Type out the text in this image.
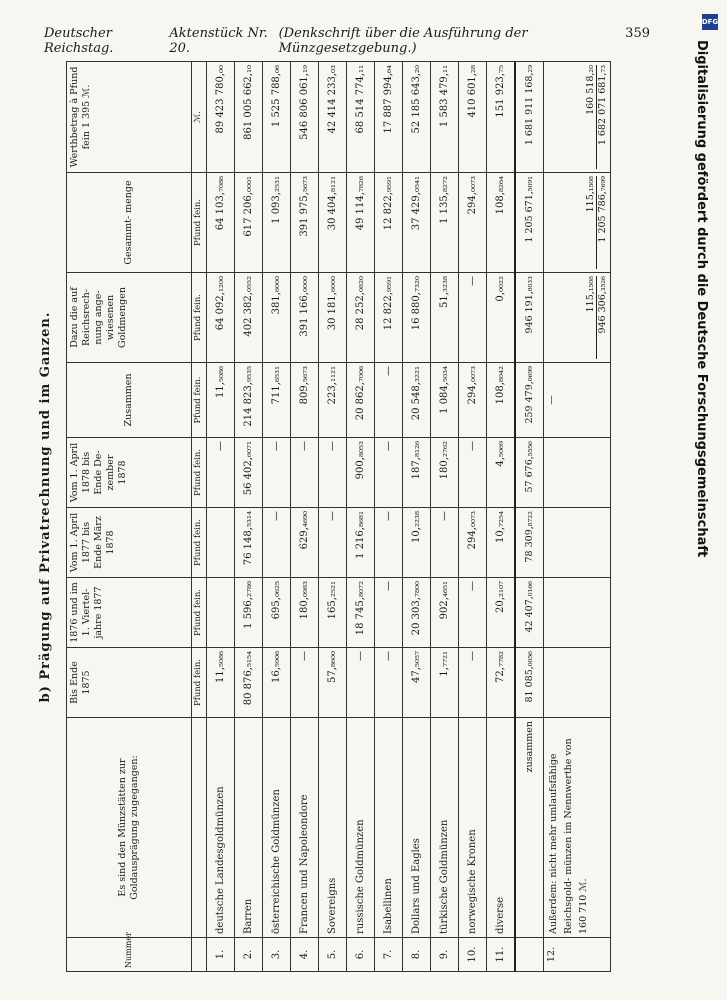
DFG
Deutscher Reichstag.
Aktenstück Nr. 20.
(Denkschrift über die Ausführung der Münzgesetzgebung.)
359
Digitalisierung gefördert durch die Deutsche Forschungsgemeinschaft
b) Prägung auf Privatrechnung und im Ganzen.
Nummer	Es sind den Münzstätten zur Goldausprägung zugegangen:	Bis Ende 1875	1876 und im 1. Viertel- jahre 1877	Vom 1. April 1877 bis Ende März 1878	Vom 1. April 1878 bis Ende De- zember 1878	Zusammen	Dazu die auf Reichsrech- nung ange- wiesenen Goldmengen	Gesammt- menge	Werthbetrag à Pfund fein 1 395 ℳ.
		Pfund fein.	Pfund fein.	Pfund fein.	Pfund fein.	Pfund fein.	Pfund fein.	Pfund fein.	ℳ.
1.	deutsche Landesgoldmünzen	11,₅₀₈₆			—	11,₅₀₈₆	64 092,₁₂₀₀	64 103,₇₀₈₆	89 423 780,₀₀
2.	Barren	80 876,₅₁₅₄	1 596,₂₇₈₆	76 148,₅₃₁₄	56 402,₆₀₇₁	214 823,₉₅₃₅	402 382,₀₅₅₂	617 206,₀₀₀₁	861 005 662,₁₀
3.	österreichische Goldmünzen	16,₅₉₀₆	695,₀₆₂₅	—	—	711,₆₅₃₁	381,₆₀₀₀	1 093,₂₅₃₁	1 525 788,₀₆
4.	Francen und Napoleondore	—	180,₀₉₈₃	629,₄₆₉₀	—	809,₅₆₇₃	391 166,₀₀₀₀	391 975,₅₆₇₃	546 806 061,₁₉
5.	Sovereigns	57,₈₆₀₀	165,₂₅₂₁	—	—	223,₁₁₂₁	30 181,₆₀₀₀	30 404,₈₁₂₁	42 414 233,₀₃
6.	russische Goldmünzen	—	18 745,₈₀₇₂	1 216,₈₆₈₁	900,₈₀₅₃	20 862,₇₀₀₆	28 252,₀₈₂₀	49 114,₇₈₂₆	68 514 774,₁₁
7.	Isabellinen	—	—	—	—	—	12 822,₉₅₉₁	12 822,₉₅₉₁	17 887 994,₆₄
8.	Dollars und Eagles	47,₅₀₅₇	20 303,₇₈₀₀	10,₂₂₃₈	187,₈₁₂₆	20 548,₃₂₂₁	16 880,₇₃₂₀	37 429,₀₅₄₁	52 185 643,₂₀
9.	türkische Goldmünzen	1,₇₇₂₁	902,₄₆₅₁	—	180,₂₇₆₂	1 084,₅₀₃₄	51,₃₂₃₈	1 135,₈₂₇₂	1 583 479,₁₁
10.	norwegische Kronen	—	—	294,₀₀₇₃	—	294,₀₀₇₃	—	294,₀₀₇₃	410 601,₂₈
11.	diverse	72,₇₇₈₂	20,₂₁₀₇	10,₇₂₅₄	4,₅₀₆₉	108,₈₀₄₂	0,₀₀₂₂	108,₈₂₆₄	151 923,₇₅
	zusammen	81 085,₀₀₅₆	42 407,₀₁₆₆	78 309,₈₇₂₂	57 676,₅₅₅₆	259 479,₀₆₉₉	946 191,₈₀₃₃	1 205 671,₅₀₉₁	1 681 911 168,₂₉
12.	Außerdem: nicht mehr umlaufsfähige Reichsgold- münzen im Nennwerthe von 160 710 ℳ.					—	115,₁₅₀₈ 946 306,₃₅₂₆	115,₁₅₀₈ 1 205 786,₇₆₉₉	160 518,₂₀ 1 682 071 681,₇₃
